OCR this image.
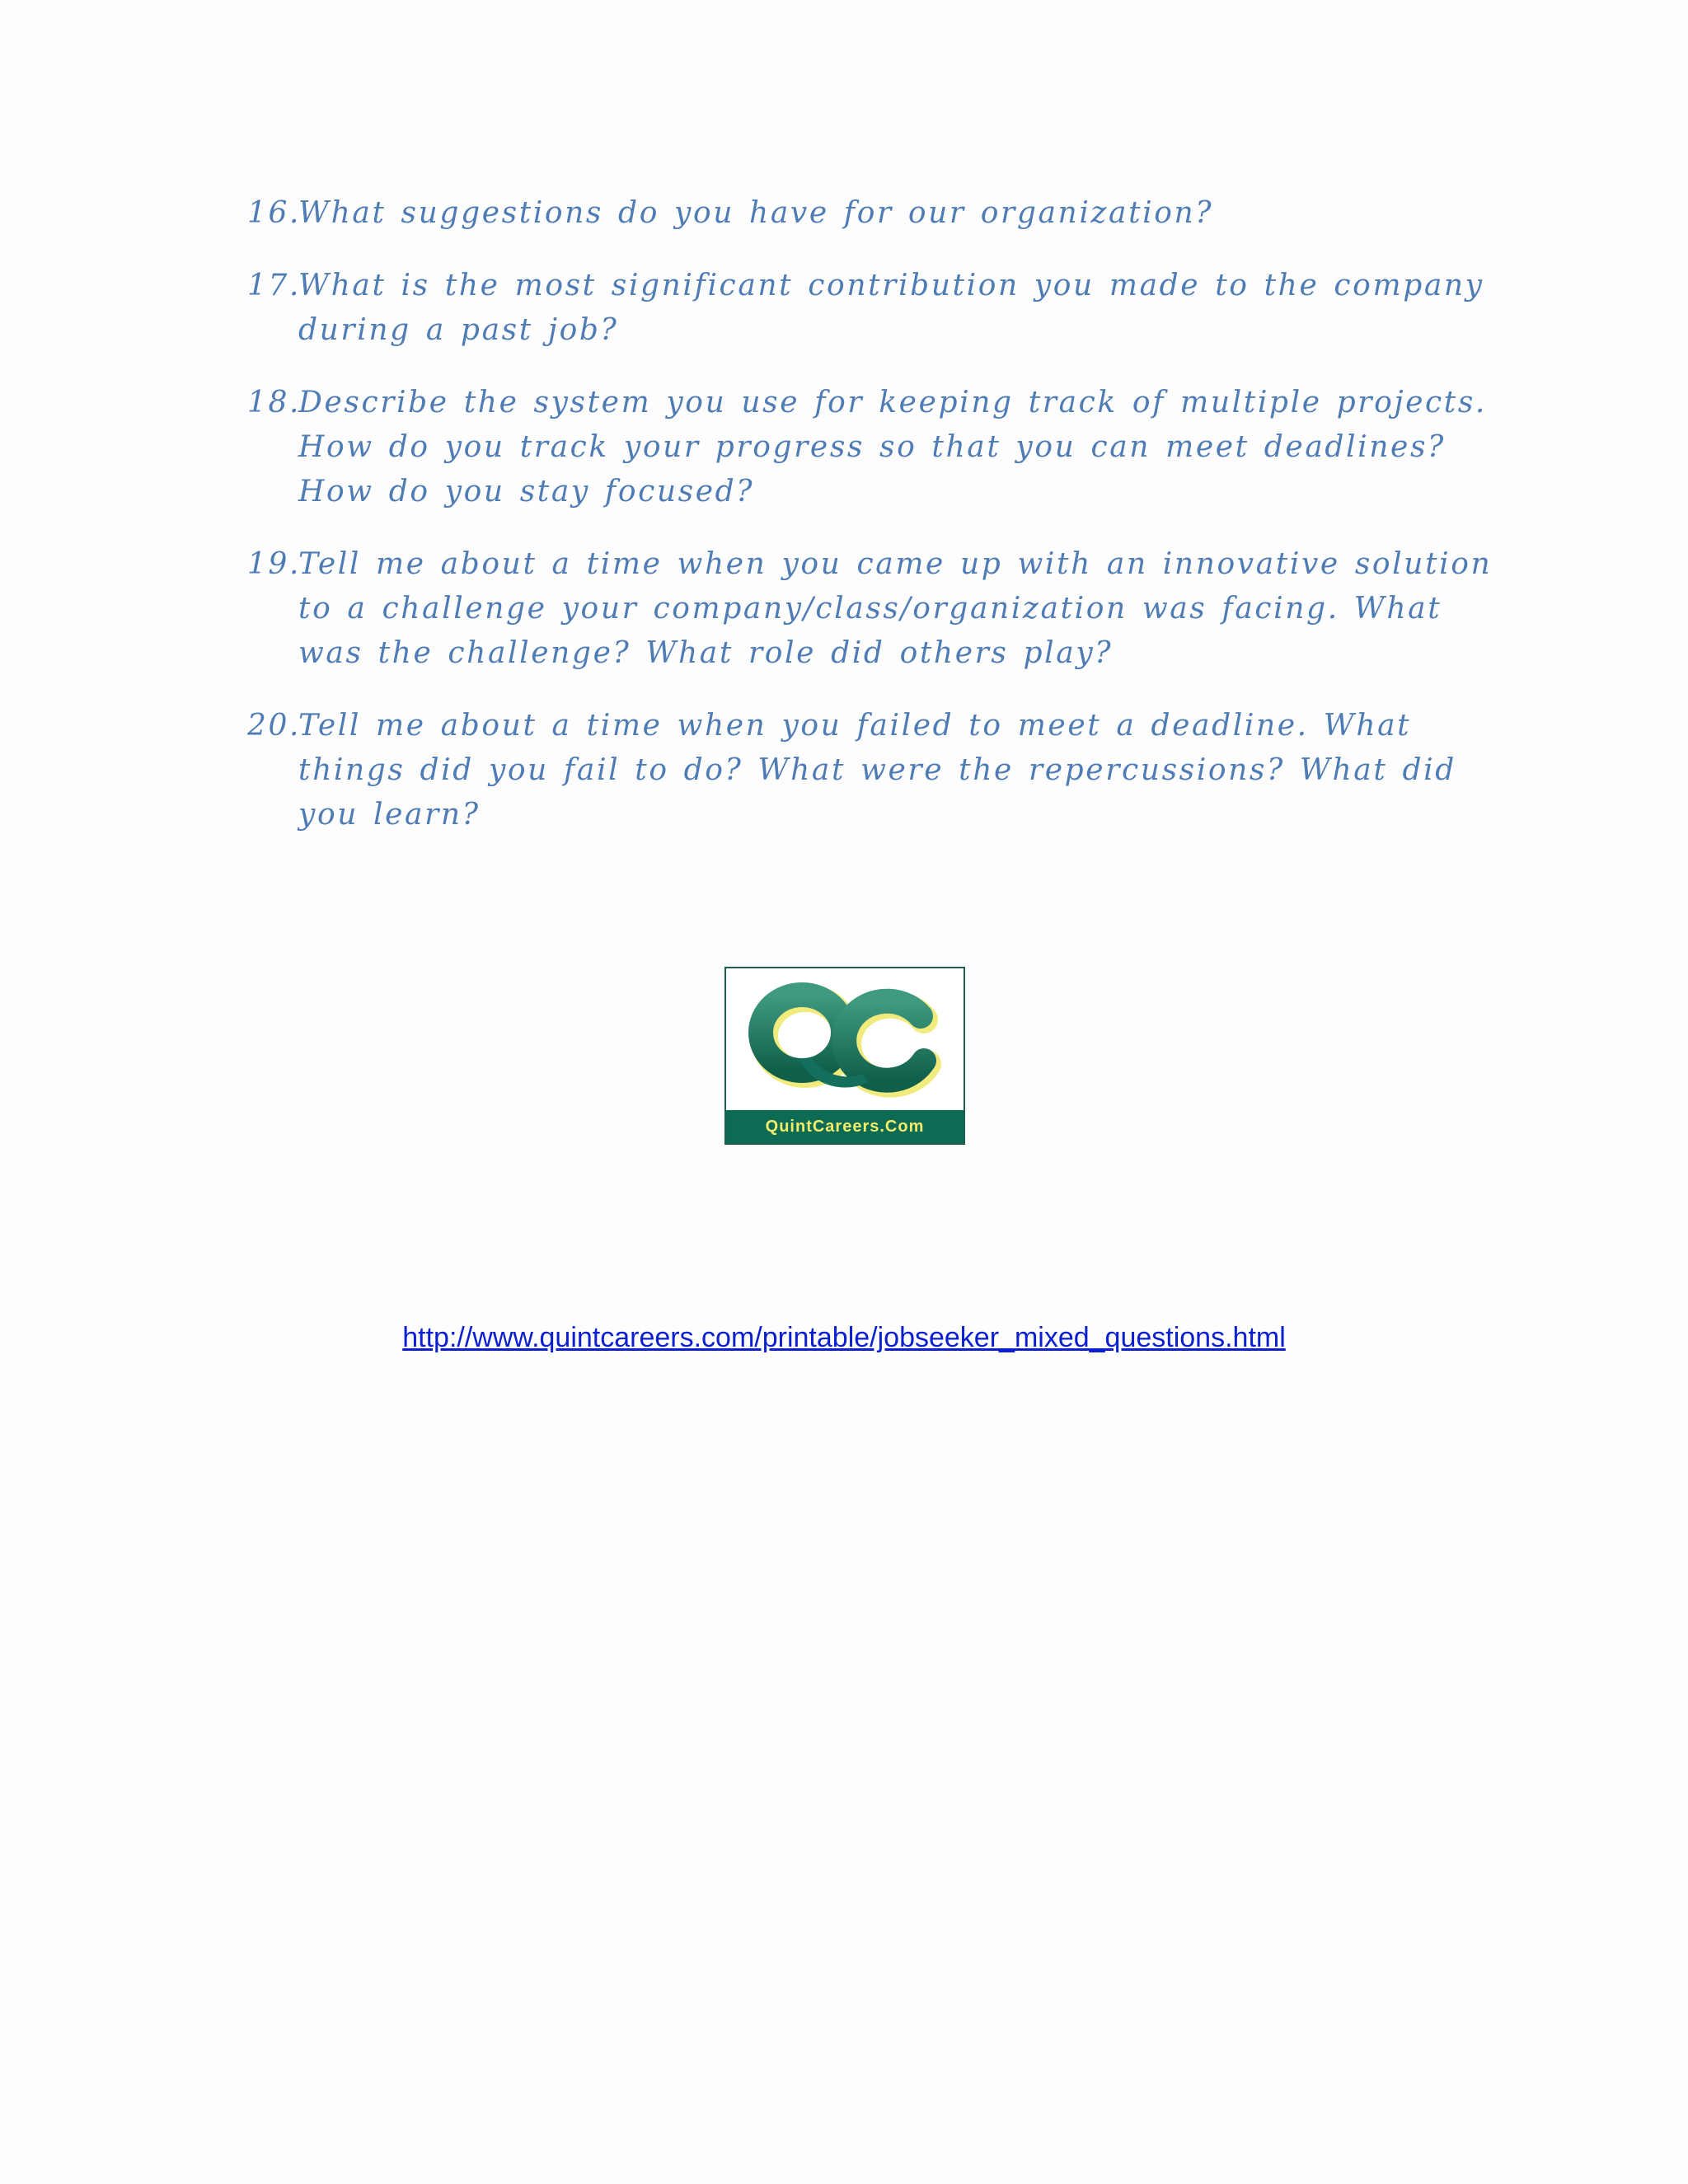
16.
What suggestions do you have for our organization?
17.
What is the most significant contribution you made to the company during a past job?
18.
Describe the system you use for keeping track of multiple projects. How do you track your progress so that you can meet deadlines? How do you stay focused?
19.
Tell me about a time when you came up with an innovative solution to a challenge your company/class/organization was facing. What was the challenge? What role did others play?
20.
Tell me about a time when you failed to meet a deadline. What things did you fail to do? What were the repercussions? What did you learn?
QuintCareers.Com
http://www.quintcareers.com/printable/jobseeker_mixed_questions.html
